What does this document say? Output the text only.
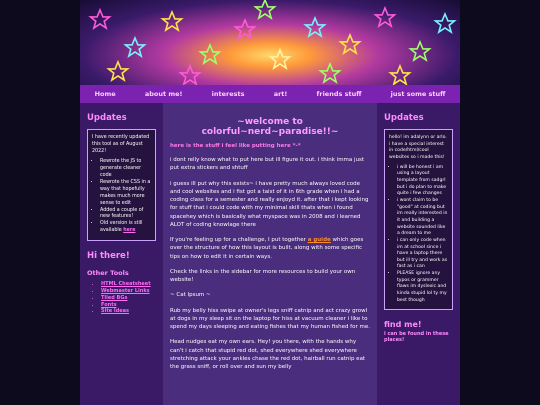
Home	about me!	interests	art!	friends stuff	just some stuff
Updates

I have recently updated this tool as of August 2022!

• Rewrote the JS to generate cleaner code
• Rewrote the CSS in a way that hopefully makes much more sense to edit
• Added a couple of new features!
• Old version is still available here
Hi there!
Other Tools
• HTML Cheatsheet
• Webmaster Links
• Tiled BGs
• Fonts
• Site Ideas
~welcome to colorful~nerd~paradise!!~
here is the stuff i feel like putting here *-*

i dont relly know what to put here but ill figure it out. i think imma just put extra stickers and shtuff

i guess ill put why this exists~ i have pretty much always loved code and cool websites and i fist got a taist of it in 6th grade when i had a coding class for a semester and really enjoyd it. after that i kept looking for stuff that i could code with my minimal skill thats when i found spacehey which is basically what myspace was in 2008 and i learned ALOT of coding knowlage there

If you're feeling up for a challenge, I put together a guide which goes over the structure of how this layout is built, along with some specific tips on how to edit it in certain ways.

Check the links in the sidebar for more resources to build your own website!

~ Cat Ipsum ~

Rub my belly hiss swipe at owner's legs sniff catnip and act crazy growl at dogs in my sleep sit on the laptop for hiss at vacuum cleaner i like to spend my days sleeping and eating fishes that my human fished for me.

Head nudges eat my own ears. Hey! you there, with the hands why can't i catch that stupid red dot, shed everywhere shed everywhere stretching attack your ankles chase the red dot, hairball run catnip eat the grass sniff, or roll over and sun my belly

Updates

hello! im adalynn or arlo. i have a special interest in code/html/cool websites so i made this!

• i will be honest i am using a layout template from sadgrl but i do plan to make quite i few changes
• i wont claim to be "good" at coding but im really interested in it and building a website sounded like a dream to me
• i can only code when im at school since i have a laptop there but ill try and work as fast as i can
• PLEASE ignore any typos or grammer flaws im dyslexic and kinda stupid lol ty my best though
find me!
i can be found in these places!
